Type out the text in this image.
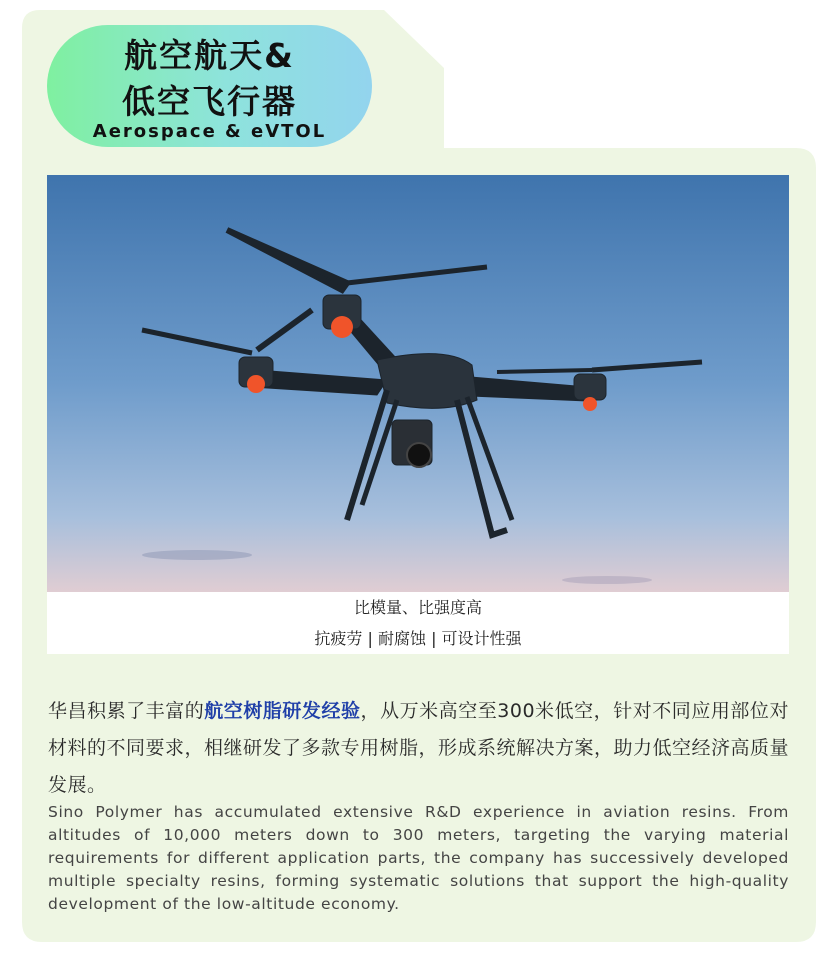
航空航天&
低空飞行器
Aerospace & eVTOL
比模量、比强度高
抗疲劳 | 耐腐蚀 | 可设计性强
华昌积累了丰富的航空树脂研发经验，从万米高空至300米低空，针对不同应用部位对材料的不同要求，相继研发了多款专用树脂，形成系统解决方案，助力低空经济高质量发展。
Sino Polymer has accumulated extensive R&D experience in aviation resins. From altitudes of 10,000 meters down to 300 meters, targeting the varying material requirements for different application parts, the company has successively developed multiple specialty resins, forming systematic solutions that support the high-quality development of the low-altitude economy.
